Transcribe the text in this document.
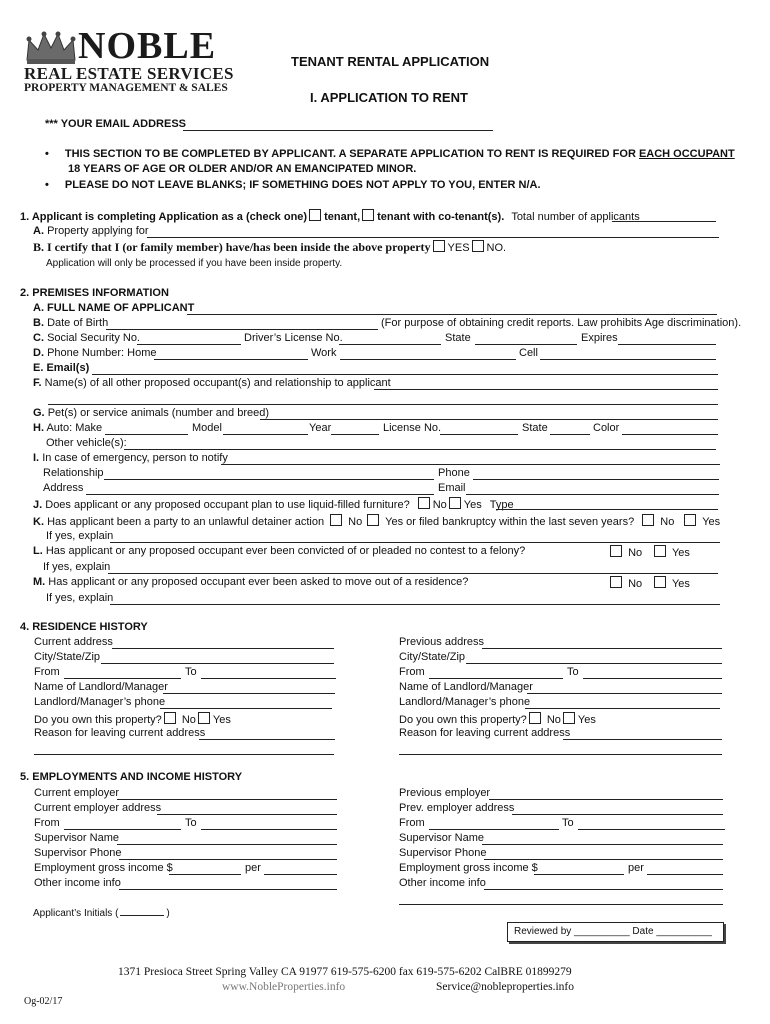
NOBLE
REAL ESTATE SERVICES
PROPERTY MANAGEMENT & SALES
TENANT RENTAL APPLICATION
I. APPLICATION TO RENT
*** YOUR EMAIL ADDRESS
• THIS SECTION TO BE COMPLETED BY APPLICANT. A SEPARATE APPLICATION TO RENT IS REQUIRED FOR EACH OCCUPANT
18 YEARS OF AGE OR OLDER AND/OR AN EMANCIPATED MINOR.
• PLEASE DO NOT LEAVE BLANKS; IF SOMETHING DOES NOT APPLY TO YOU, ENTER N/A.
1. Applicant is completing Application as a (check one) tenant, tenant with co-tenant(s). Total number of applicants
A. Property applying for
B. I certify that I (or family member) have/has been inside the above property YES NO.
Application will only be processed if you have been inside property.
2. PREMISES INFORMATION
A. FULL NAME OF APPLICANT
B. Date of Birth	(For purpose of obtaining credit reports. Law prohibits Age discrimination).
C. Social Security No.	Driver’s License No.	State	Expires
D. Phone Number: Home	Work	Cell
E. Email(s)
F. Name(s) of all other proposed occupant(s) and relationship to applicant
G. Pet(s) or service animals (number and breed)
H. Auto: Make	Model	Year	License No.	State	Color
Other vehicle(s):
I. In case of emergency, person to notify
Relationship	Phone
Address	Email
J. Does applicant or any proposed occupant plan to use liquid-filled furniture? No Yes Type
K. Has applicant been a party to an unlawful detainer action No Yes or filed bankruptcy within the last seven years? No	Yes
If yes, explain
L. Has applicant or any proposed occupant ever been convicted of or pleaded no contest to a felony?	No	Yes
If yes, explain
M. Has applicant or any proposed occupant ever been asked to move out of a residence?	No	Yes
If yes, explain
4. RESIDENCE HISTORY
Current address
City/State/Zip
From	To
Name of Landlord/Manager
Landlord/Manager’s phone
Do you own this property? No Yes
Reason for leaving current address
Previous address
City/State/Zip
From	To
Name of Landlord/Manager
Landlord/Manager’s phone
Do you own this property? No Yes
Reason for leaving current address
5. EMPLOYMENTS AND INCOME HISTORY
Current employer
Current employer address
From	To
Supervisor Name
Supervisor Phone
Employment gross income $	per
Other income info
Previous employer
Prev. employer address
From	To
Supervisor Name
Supervisor Phone
Employment gross income $	per
Other income info
Applicant’s Initials (	)
Reviewed by __________ Date __________
1371 Presioca Street Spring Valley CA 91977 619-575-6200 fax 619-575-6202 CalBRE 01899279
www.NobleProperties.info	Service@nobleproperties.info
Og-02/17
